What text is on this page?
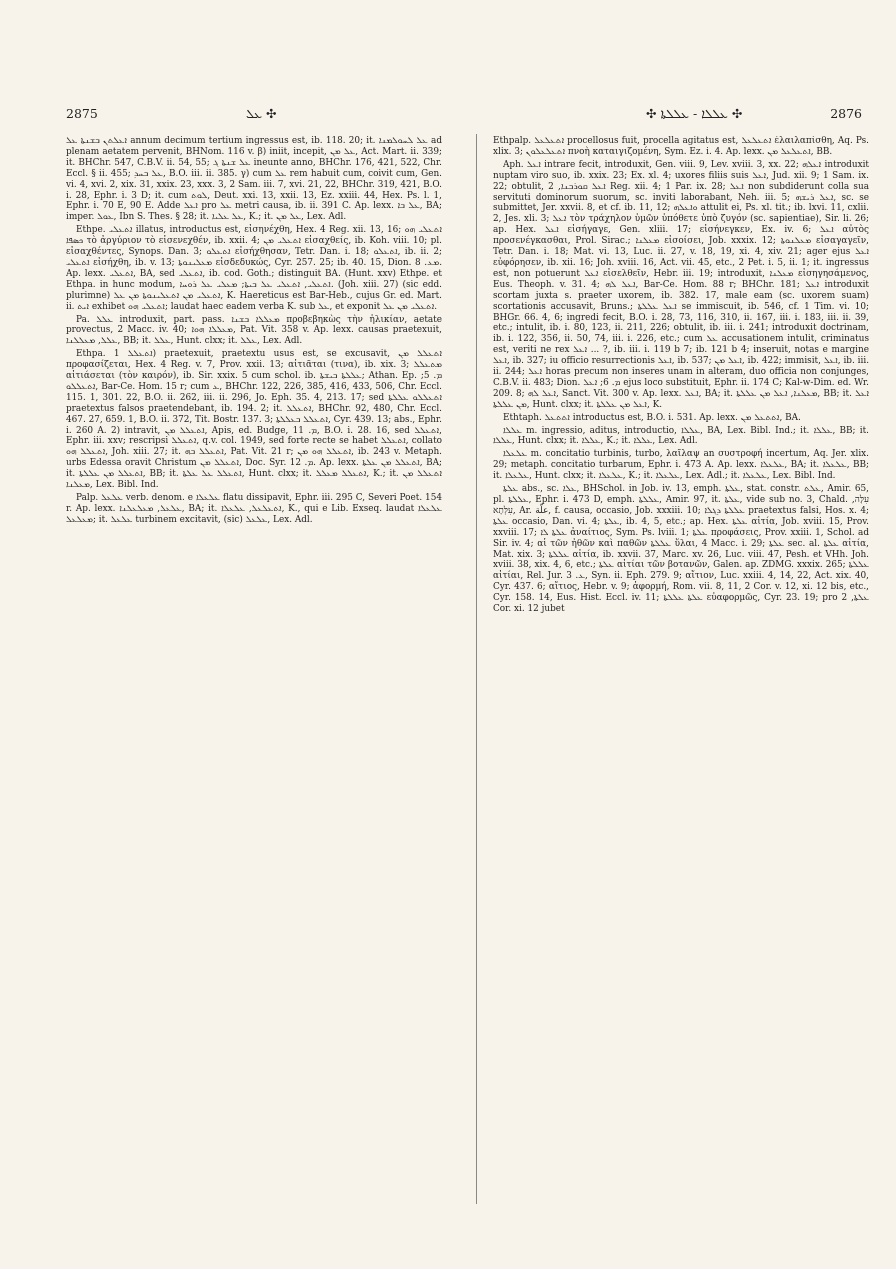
2875	ܥܠ ✣	✣ ܥܠܠܐ - ܥܠܠܬܐ ✣	2876

ܐܥܠܬܢ ܒܫܢܬܐ ܥܠ annum decimum tertium ingressus est, ib. 118. 20; it. ܥܠ ܠܚܘܠܡܢܐ ad plenam aetatem pervenit, BHNom. 116 v. β) iniit, incepit, ܥܠ ܡܢ, Act. Mart. ii. 339; it. BHChr. 547, C.B.V. ii. 54, 55; ܥܠ ܫܢܬܐ ܓ ineunte anno, BHChr. 176, 421, 522, Chr. Eccl. § ii. 455; ܥܠ ܒܚܕ, B.O. iii. ii. 385. γ) cum ܥܠ rem habuit cum, coivit cum, Gen. vi. 4, xvi. 2, xix. 31, xxix. 23, xxx. 3, 2 Sam. iii. 7, xvi. 21, 22, BHChr. 319, 421, B.O. i. 28, Ephr. i. 3 D; it. cum ܠܘܬ, Deut. xxi. 13, xxii. 13, Ez. xxiii. 44, Hex. Ps. l. 1, Ephr. i. 70 E, 90 E. Adde ܐܥܠ pro ܥܠ metri causa, ib. ii. 391 C. Ap. lexx. ܥܠ ܒܐ, BA; imper. ܥܘܠ, Ibn S. Thes. § 28; it. ܥܠ ܥܠܝܐ, K.; it. ܥܠ ܡܢ, Lex. Adl.

Ethpe. ܐܬܥܠܝ illatus, introductus est, εἰσηνέχθη, Hex. 4 Reg. xii. 13, 16; ܐܬܥܠܝ ܗܘ ܟܣܦܐ τὸ ἀργύριον τὸ εἰσενεχθέν, ib. xxii. 4; ܐܬܥܠܝ ܡܢ εἰσαχθείς, ib. Koh. viii. 10; pl. εἰσαχθέντες, Synops. Dan. 3; ܐܬܥܠܘ εἰσήχθησαν, Tetr. Dan. i. 18; ܐܬܥܠܘ, ib. ii. 2; ܐܬܥܠܝ εἰσήχθη, ib. v. 13; ܡܥܠܝܢܘܬܐ εἰσδεδυκώς, Cyr. 257. 25; ib. 40. 15, Dion. ܡܥ. 8. Ap. lexx. ܐܬܥܠܝ, BA, sed ܐܬܥܠܝ, ib. cod. Goth.; distinguit BA. (Hunt. xxv) Ethpe. et Ethpa. in hunc modum, ܐܬܥܠܝ, ܐܬܥܠܝ ܥܠ ܒܝܬܐ; ܡܥܠܝ ܥܠ ܪܘܚܐ. (Joh. xiii. 27) (sic edd. plurimne) ܐܬܥܠܝ ܡܢ ܐܬܥܠܝܢܘܬܐ ܡܢ ܥܠ, K. Haereticus est Bar-Heb., cujus Gr. ed. Mart. ii. ܐܝܬ exhibet ܐܬܥܠܝ ܗܘ; laudat haec eadem verba K. sub ܥܠ, et exponit ܐܬܥܠܝ ܡܢ ܥܠ.

Pa. ܥܠܠ introduxit, part. pass. ܡܥܠܠܐ ܒܫܢܐ προβεβηκὼς τὴν ἡλικίαν, aetate provectus, 2 Macc. iv. 40; ܡܥܠܠܐ ܗܘܐ, Pat. Vit. 358 v. Ap. lexx. causas praetexuit, ܥܠܠ, ܡܥܠܠܢܐ, BB; it. ܥܠܠ, Hunt. clxx; it. ܥܠܠ, Lex. Adl.

Ethpa. ܐܬܥܠܠ 1) praetexuit, praetextu usus est, se excusavit, ܐܬܥܠܠ ܡܢ προφασίζεται, Hex. 4 Reg. v. 7, Prov. xxii. 13; αἰτιᾶται (τινα), ib. xix. 3; ܡܬܥܠܠ αἰτιάσεται (τὸν καιρόν), ib. Sir. xxix. 5 cum schol. ib. ܥܠܠܬܐ ܒܝܫܬܐ; Athan. Ep. ܡ. 5; ܐܬܥܠܠܘ, Bar-Ce. Hom. 15 r; cum ܥ, BHChr. 122, 226, 385, 416, 433, 506, Chr. Eccl. 115. 1, 301. 22, B.O. ii. 262, iii. ii. 296, Jo. Eph. 35. 4, 213. 17; sed ܐܬܥܠܠܘ ܥܠܠܬܐ praetextus falsos praetendebant, ib. 194. 2; it. ܐܬܥܠܠ, BHChr. 92, 480, Chr. Eccl. 467. 27, 659. 1, B.O. ii. 372, Tit. Bostr. 137. 3; ܐܬܥܠܠ ܒܥܠܠܬܐ, Cyr. 439. 13; abs., Ephr. i. 260 A. 2) intravit, ܐܬܥܠܠ ܡܢ, Apis, ed. Budge, ܡ. 11, B.O. i. 28. 16, sed ܐܬܥܠܠ, Ephr. iii. xxv; rescripsi ܐܬܥܠܠ, q.v. col. 1949, sed forte recte se habet ܐܬܥܠܠ, collato ܐܬܥܠܠ ܗܘ, Joh. xiii. 27; it. ܐܬܥܠܠ ܒܗ, Pat. Vit. 21 r; ܐܬܥܠܠ ܗܘ ܡܢ, ib. 243 v. Metaph. urbs Edessa oravit Christum ܐܬܥܠܠ ܡܢ, Doc. Syr. ܡ. 12. Ap. lexx. ܐܬܥܠܠ ܡܢ ܥܠܬܐ, BA; it. ܐܬܥܠܠ ܡܢ ܥܠܠܬܐ, BB; it. ܐܬܥܠܠ ܥܠ ܥܠܬܐ, Hunt. clxx; it. ܐܬܥܠܠ ܡܥܠܠ, K.; it. ܐܬܥܠܠ ܡܢ ܡܥܠܢܐ, Lex. Bibl. Ind.

Palp. ܥܠܥܠ verb. denom. e ܥܠܥܠܐ flatu dissipavit, Ephr. iii. 295 C, Severi Poet. 154 r. Ap. lexx. ܥܠܥܠ, ܡܥܠܥܠܢܐ, BA; it. ܐܬܥܠܥܠ, ܥܠܥܠܐ, K., qui e Lib. Exseq. laudat ܥܠܥܠܐ ܡܥܠܥܠ; it. ܥܠܥܠ turbinem excitavit, (sic) ܥܠܥܠ, Lex. Adl.

Ethpalp. ܐܬܥܠܥܠ procellosus fuit, procella agitatus est, ܐܬܥܠܥܠ ἐλαιλαπίσθη, Aq. Ps. xlix. 3; ܐܬܥܠܥܠܘܢ πνοὴ καταιγιζομένη, Sym. Ez. i. 4. Ap. lexx. ܐܬܥܠܥܠ ܡܢ, BB.

Aph. ܐܥܠ intrare fecit, introduxit, Gen. viii. 9, Lev. xviii. 3, xx. 22; ܐܥܠܗ introduxit nuptam viro suo, ib. xxix. 23; Ex. xl. 4; uxores filiis suis ܐܥܠ, Jud. xii. 9; 1 Sam. ix. 22; obtulit, ܐܥܠ ܩܘܪܒܢܐ, 2 Reg. xii. 4; 1 Par. ix. 28; ܐܥܠ non subdiderunt colla sua servituti dominorum suorum, sc. inviti laborabant, Neh. iii. 5; ܐܥܠ ܪܝܫܗ, sc. se submittet, Jer. xxvii. 8, et cf. ib. 11, 12; ܘܐܥܠܗ attulit ei, Ps. xl. tit.; ib. lxvi. 11, cxlii. 2, Jes. xli. 3; ܐܥܠ τὸν τράχηλον ὑμῶν ὑπόθετε ὑπὸ ζυγόν (sc. sapientiae), Sir. li. 26; ap. Hex. ܐܥܠ εἰσήγαγε, Gen. xliii. 17; εἰσήνεγκεν, Ex. iv. 6; ܐܥܠ αὐτὸς προσενέγκασθαι, Prol. Sirac.; ܡܥܠܢܐ εἰσοίσει, Job. xxxix. 12; ܡܥܠܢܘܬܐ εἰσαγαγεῖν, Tetr. Dan. i. 18; Mat. vi. 13, Luc. ii. 27, v. 18, 19, xi. 4, xiv. 21; ager ejus ܐܥܠ εὐφόρησεν, ib. xii. 16; Joh. xviii. 16, Act. vii. 45, etc., 2 Pet. i. 5, ii. 1; it. ingressus est, non potuerunt ܐܥܠ εἰσελθεῖν, Hebr. iii. 19; introduxit, ܡܥܠܢܐ εἰσηγησάμενος, Eus. Theoph. v. 31. 4; ܐܥܠ ܠܗ, Bar-Ce. Hom. 88 r; BHChr. 181; ܐܥܠ introduxit scortam juxta s. praeter uxorem, ib. 382. 17, male eam (sc. uxorem suam) scortationis accusavit, Bruns.; ܐܥܠ ܥܠܠܬܐ se immiscuit, ib. 546, cf. 1 Tim. vi. 10; BHGr. 66. 4, 6; ingredi fecit, B.O. i. 28, 73, 116, 310, ii. 167, iii. i. 183, iii. ii. 39, etc.; intulit, ib. i. 80, 123, ii. 211, 226; obtulit, ib. iii. i. 241; introduxit doctrinam, ib. i. 122, 356, ii. 50, 74, iii. i. 226, etc.; cum ܥܠ accusationem intulit, criminatus est, veriti ne rex ܐܥܠ ... ?, ib. iii. i. 119 b 7; ib. 121 b 4; inseruit, notas e margine ܐܥܠ, ib. 327; iu officio resurrectionis ܐܥܠ, ib. 537; ܐܥܠ ܡܢ, ib. 422; immisit, ܐܥܠ, ib. iii. ii. 244; ܐܥܠ horas precum non inseres unam in alteram, duo officia non conjunges, C.B.V. ii. 483; Dion. ܡ. 6; ܐܥܠ ejus loco substituit, Ephr. ii. 174 C; Kal-w-Dim. ed. Wr. 209. 8; ܐܥܠ ܠܗ, Sanct. Vit. 300 v. Ap. lexx. ܐܥܠ, BA; it. ܡܥܠܢܐ, ܐܥܠ ܡܢ ܥܠܠܬܐ, BB; it. ܐܥܠ ܡܢ ܥܠܠܬܐ, Hunt. clxx; it. ܐܥܠ ܡܢ ܥܠܠܬܐ, K.

Ethtaph. ܐܬܬܥܠ introductus est, B.O. i. 531. Ap. lexx. ܐܬܬܥܠ ܡܢ, BA.

ܥܠܠܐ m. ingressio, aditus, introductio, ܥܠܠܐ, BA, Lex. Bibl. Ind.; it. ܥܠܠܐ, BB; it. ܥܠܠܐ, Hunt. clxx; it. ܥܠܠܐ, K.; it. ܥܠܠܐ, Lex. Adl.

ܥܠܥܠܐ m. concitatio turbinis, turbo, λαῖλαψ an συστροφή incertum, Aq. Jer. xlix. 29; metaph. concitatio turbarum, Ephr. i. 473 A. Ap. lexx. ܥܠܥܠܐ, BA; it. ܥܠܥܠܐ, BB; it. ܥܠܥܠܐ, Hunt. clxx; it. ܥܠܥܠܐ, K.; it. ܥܠܥܠܐ, Lex. Adl.; it. ܥܠܥܠܐ, Lex. Bibl. Ind.

ܥܠܬܐ abs., sc. ܥܠܐ, BHSchol. in Job. iv. 13, emph. ܥܠܬܐ, stat. constr. ܥܠܬ, Amir. 65, pl. ܥܠܠܬܐ, Ephr. i. 473 D, emph. ܥܠܠܬܐ, Amir. 97, it. ܥܠܬܐ, vide sub no. 3, Chald. עִלָּה, עִלְּתָא, Ar. علّة, f. causa, occasio, Job. xxxiii. 10; ܥܠܠܬܐ ܕܓܠܐ praetextus falsi, Hos. x. 4; ܥܠܬܐ occasio, Dan. vi. 4; ܥܠܬܐ, ib. 4, 5, etc.; ap. Hex. ܥܠܬܐ αἰτία, Job. xviii. 15, Prov. xxviii. 17; ܥܠܬܐ ܠܐ ἀναίτιος, Sym. Ps. lviii. 1; ܥܠܬܐ προφάσεις, Prov. xxiii. 1, Schol. ad Sir. iv. 4; αἱ τῶν ἠθῶν καὶ παθῶν ܥܠܠܬܐ ὕλαι, 4 Macc. i. 29; ܥܠܬܐ sec. al. ܥܠܬܐ αἰτία, Mat. xix. 3; ܥܠܠܬܐ αἰτία, ib. xxvii. 37, Marc. xv. 26, Luc. viii. 47, Pesh. et VHh. Joh. xviii. 38, xix. 4, 6, etc.; ܥܠܬܐ αἰτίαι τῶν βοτανῶν, Galen. ap. ZDMG. xxxix. 265; ܥܠܠܬܐ αἰτίαι, Rel. Jur. ܥ. 3, Syn. ii. Eph. 279. 9; αἴτιον, Luc. xxiii. 4, 14, 22, Act. xix. 40, Cyr. 437. 6; αἴτιος, Hebr. v. 9; ἀφορμή, Rom. vii. 8, 11, 2 Cor. v. 12, xi. 12 bis, etc., Cyr. 158. 14, Eus. Hist. Eccl. iv. 11; ܥܠܬܐ ܥܠܠܬܐ εὐαφορμῶς, Cyr. 23. 19; pro ܥܠܬܐ, 2 Cor. xi. 12 jubet
